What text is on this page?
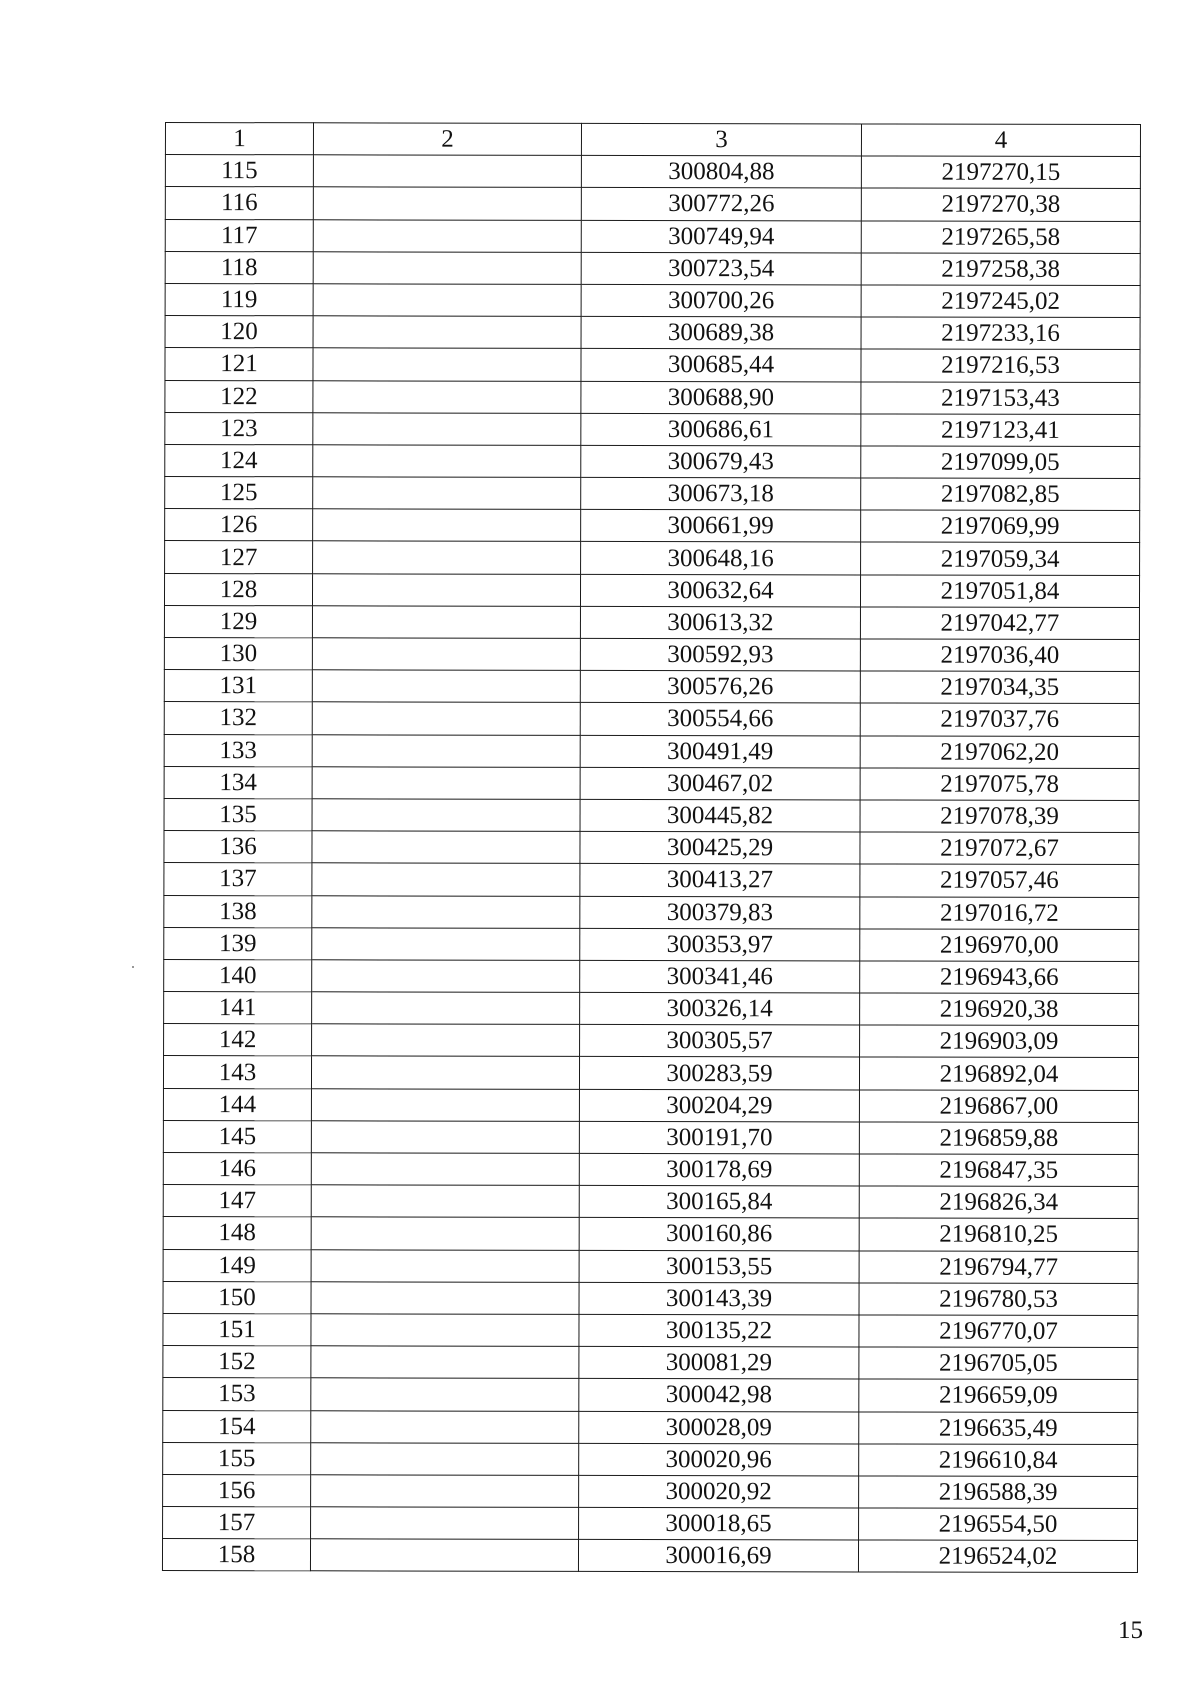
1	2	3	4
115		300804,88	2197270,15
116		300772,26	2197270,38
117		300749,94	2197265,58
118		300723,54	2197258,38
119		300700,26	2197245,02
120		300689,38	2197233,16
121		300685,44	2197216,53
122		300688,90	2197153,43
123		300686,61	2197123,41
124		300679,43	2197099,05
125		300673,18	2197082,85
126		300661,99	2197069,99
127		300648,16	2197059,34
128		300632,64	2197051,84
129		300613,32	2197042,77
130		300592,93	2197036,40
131		300576,26	2197034,35
132		300554,66	2197037,76
133		300491,49	2197062,20
134		300467,02	2197075,78
135		300445,82	2197078,39
136		300425,29	2197072,67
137		300413,27	2197057,46
138		300379,83	2197016,72
139		300353,97	2196970,00
140		300341,46	2196943,66
141		300326,14	2196920,38
142		300305,57	2196903,09
143		300283,59	2196892,04
144		300204,29	2196867,00
145		300191,70	2196859,88
146		300178,69	2196847,35
147		300165,84	2196826,34
148		300160,86	2196810,25
149		300153,55	2196794,77
150		300143,39	2196780,53
151		300135,22	2196770,07
152		300081,29	2196705,05
153		300042,98	2196659,09
154		300028,09	2196635,49
155		300020,96	2196610,84
156		300020,92	2196588,39
157		300018,65	2196554,50
158		300016,69	2196524,02
15
